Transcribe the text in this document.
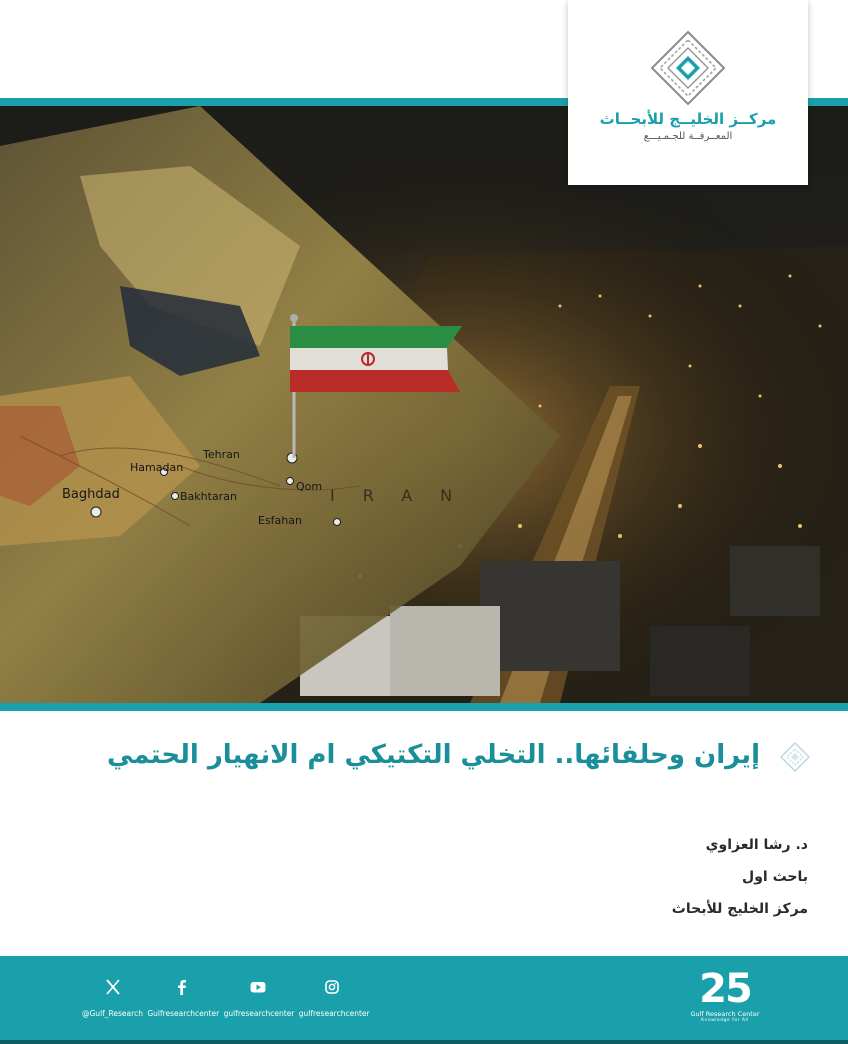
Tehran
Hamadan
Baghdad	Bakhtaran
Qom
Esfahan
IRAN
مركــز الخليــج للأبحــاث
المعــرفــة للجـمـيـــع
إيران وحلفائها.. التخلي التكتيكي ام الانهيار الحتمي
د. رشا العزاوي
باحث اول
مركز الخليج للأبحاث
@Gulf_Research Gulfresearchcenter gulfresearchcenter gulfresearchcenter
25
Gulf Research Center
Knowledge for All
